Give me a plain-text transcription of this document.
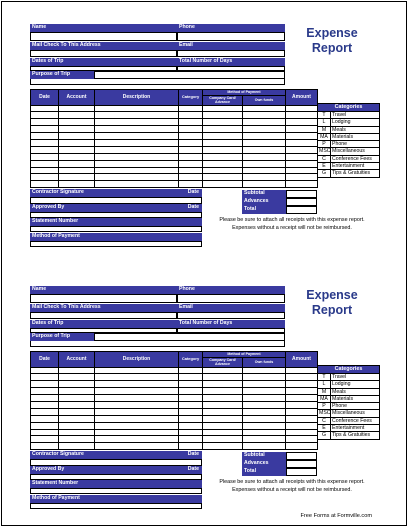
Name	Phone
Mail Check To This Address	Email
Dates of Trip	Total Number of Days
Purpose of Trip
Expense
Report
Date	Account	Description	Category	Method of Payment		Amount
				Company Card/ Advance	Own funds	

Categories	
T	Travel
L	Lodging
M	Meals
MA	Materials
P	Phone
MSC	Miscellaneous
C	Conference Fees
E	Entertainment
G	Tips & Gratuities
Contractor Signature	Date
Approved By	Date
Statement Number
Method of Payment
Subtotal
Advances
Total
Please be sure to attach all receipts with this expense report.
Expenses without a receipt will not be reimbursed.
Name	Phone
Mail Check To This Address	Email
Dates of Trip	Total Number of Days
Purpose of Trip
Expense
Report
Date	Account	Description	Category	Method of Payment		Amount
				Company Card/ Advance	Own funds	

Categories	
T	Travel
L	Lodging
M	Meals
MA	Materials
P	Phone
MSC	Miscellaneous
C	Conference Fees
E	Entertainment
G	Tips & Gratuities
Contractor Signature	Date
Approved By	Date
Statement Number
Method of Payment
Subtotal
Advances
Total
Please be sure to attach all receipts with this expense report.
Expenses without a receipt will not be reimbursed.
Free Forms at Formville.com
